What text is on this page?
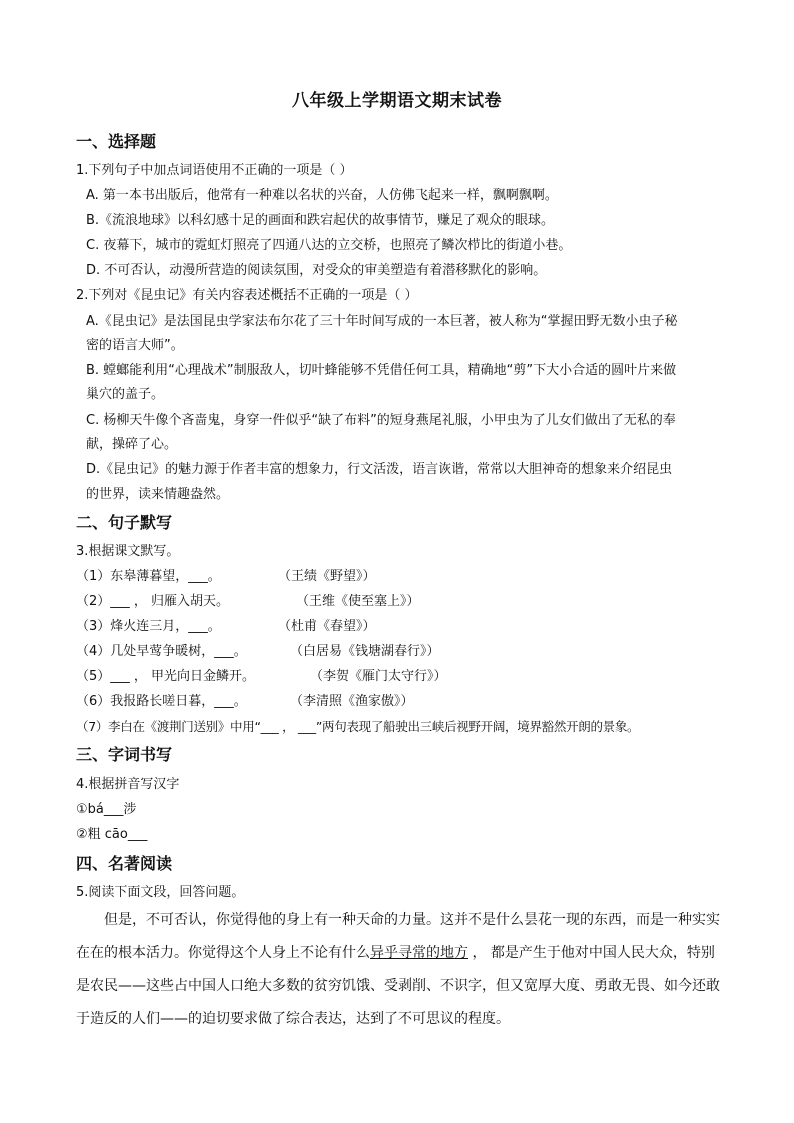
八年级上学期语文期末试卷
一、选择题
1.下列句子中加点词语使用不正确的一项是（ ）
A. 第一本书出版后，他常有一种难以名状的兴奋，人仿佛飞起来一样，飘啊飘啊。
B.《流浪地球》以科幻感十足的画面和跌宕起伏的故事情节，赚足了观众的眼球。
C. 夜幕下，城市的霓虹灯照亮了四通八达的立交桥，也照亮了鳞次栉比的街道小巷。
D. 不可否认，动漫所营造的阅读氛围，对受众的审美塑造有着潜移默化的影响。
2.下列对《昆虫记》有关内容表述概括不正确的一项是（ ）
A.《昆虫记》是法国昆虫学家法布尔花了三十年时间写成的一本巨著，被人称为“掌握田野无数小虫子秘
密的语言大师”。
B. 螳螂能利用“心理战术”制服敌人，切叶蜂能够不凭借任何工具，精确地“剪”下大小合适的圆叶片来做
巢穴的盖子。
C. 杨柳天牛像个吝啬鬼，身穿一件似乎“缺了布料”的短身燕尾礼服，小甲虫为了儿女们做出了无私的奉
献，操碎了心。
D.《昆虫记》的魅力源于作者丰富的想象力，行文活泼，语言诙谐，常常以大胆神奇的想象来介绍昆虫
的世界，读来情趣盎然。
二、句子默写
3.根据课文默写。
（1）东皋薄暮望，___。	（王绩《野望》）
（2）___ ， 归雁入胡天。	（王维《使至塞上》）
（3）烽火连三月，___。	（杜甫《春望》）
（4）几处早莺争暖树，___。	（白居易《钱塘湖春行》）
（5）___ ， 甲光向日金鳞开。	（李贺《雁门太守行》）
（6）我报路长嗟日暮，___。	（李清照《渔家傲》）
（7）李白在《渡荆门送别》中用“___ ， ___”两句表现了船驶出三峡后视野开阔，境界豁然开朗的景象。
三、字词书写
4.根据拼音写汉字
①bá___涉
②粗 cāo___
四、名著阅读
5.阅读下面文段，回答问题。
但是，不可否认，你觉得他的身上有一种天命的力量。这并不是什么昙花一现的东西，而是一种实实在在的根本活力。你觉得这个人身上不论有什么异乎寻常的地方 ， 都是产生于他对中国人民大众，特别是农民——这些占中国人口绝大多数的贫穷饥饿、受剥削、不识字，但又宽厚大度、勇敢无畏、如今还敢于造反的人们——的迫切要求做了综合表达，达到了不可思议的程度。
